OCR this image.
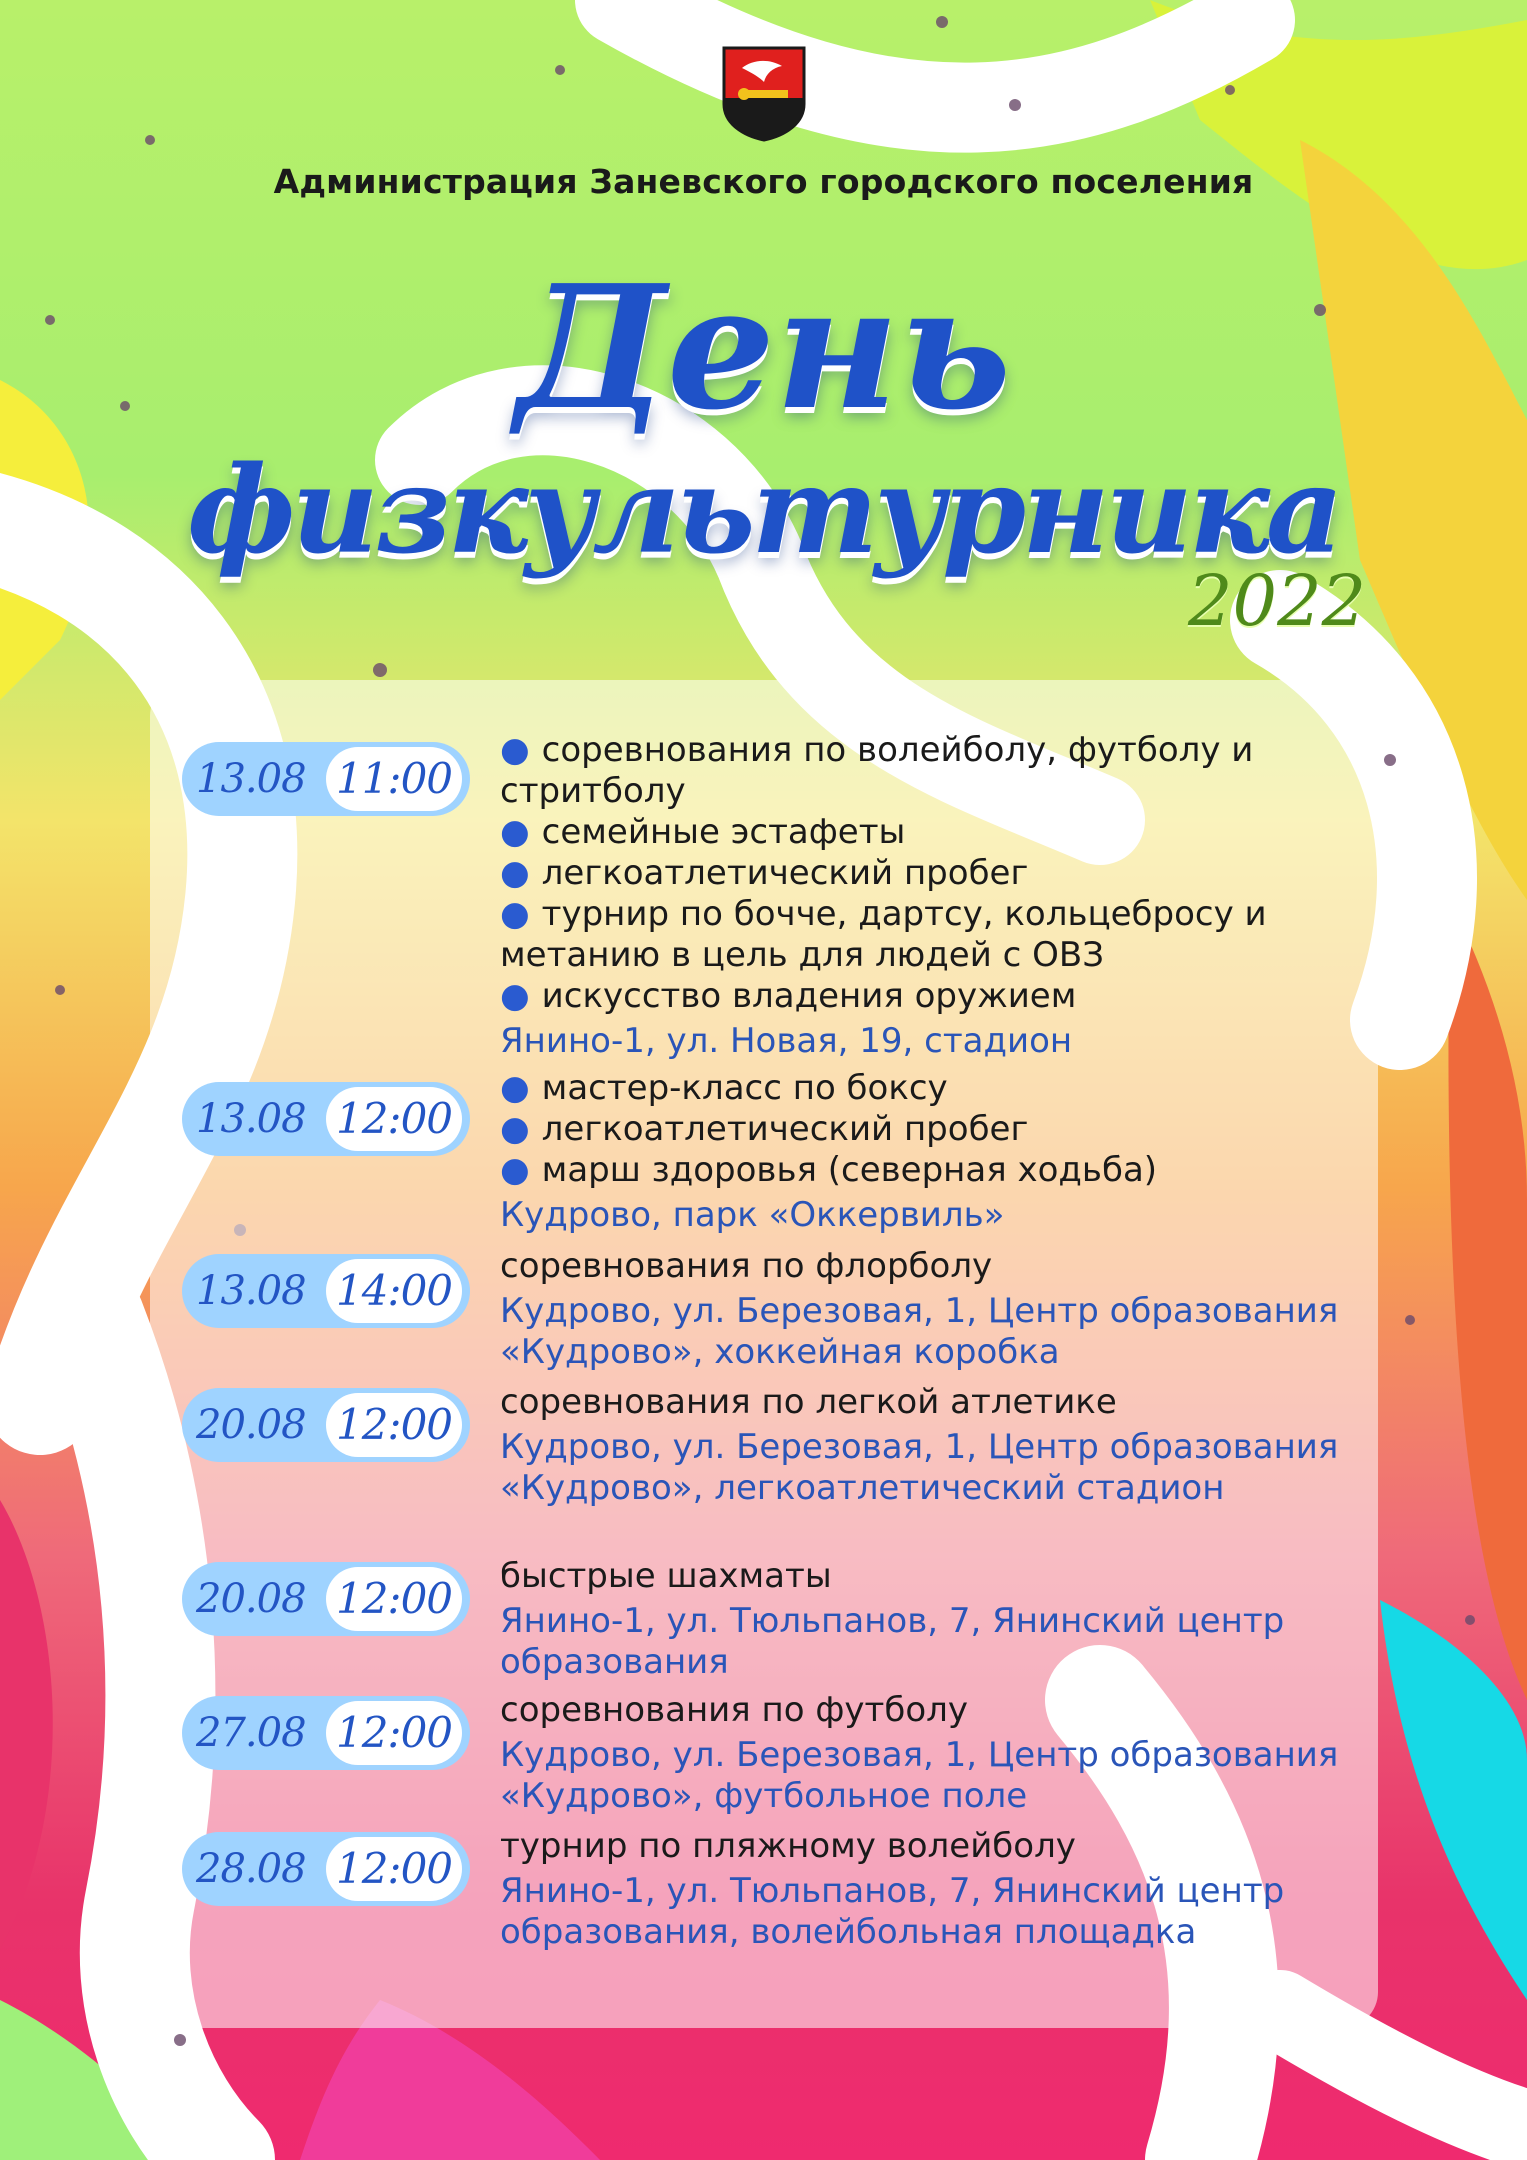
Администрация Заневского городского поселения
День
физкультурника
2022
13.08 11:00
● соревнования по волейболу, футболу и стритболу
● семейные эстафеты
● легкоатлетический пробег
● турнир по бочче, дартсу, кольцебросу и метанию в цель для людей с ОВЗ
● искусство владения оружием
Янино-1, ул. Новая, 19, стадион
13.08 12:00
● мастер-класс по боксу
● легкоатлетический пробег
● марш здоровья (северная ходьба)
Кудрово, парк «Оккервиль»
13.08 14:00 соревнования по флорболу
Кудрово, ул. Березовая, 1, Центр образования «Кудрово», хоккейная коробка
20.08 12:00 соревнования по легкой атлетике
Кудрово, ул. Березовая, 1, Центр образования «Кудрово», легкоатлетический стадион
20.08 12:00 быстрые шахматы
Янино-1, ул. Тюльпанов, 7, Янинский центр образования
27.08 12:00 соревнования по футболу
Кудрово, ул. Березовая, 1, Центр образования «Кудрово», футбольное поле
28.08 12:00 турнир по пляжному волейболу
Янино-1, ул. Тюльпанов, 7, Янинский центр образования, волейбольная площадка
